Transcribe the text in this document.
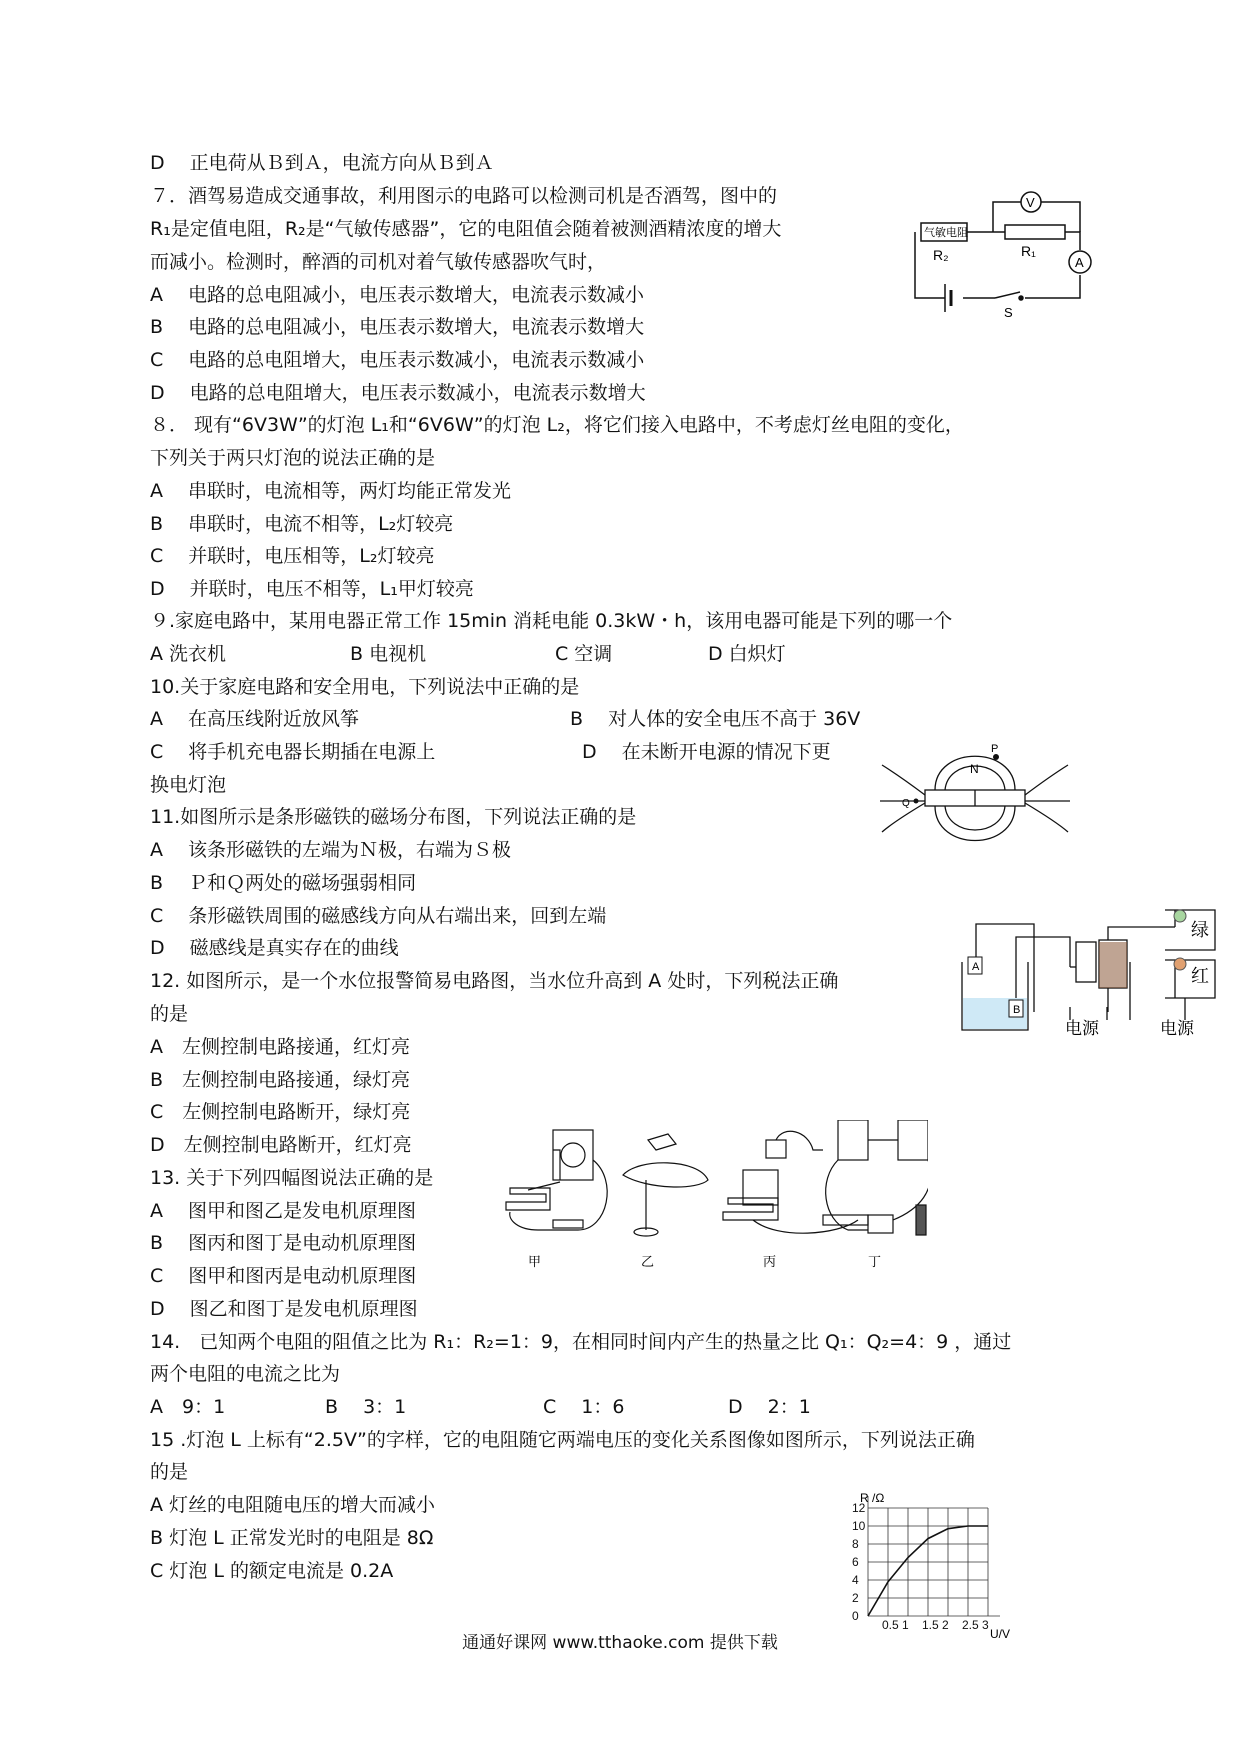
D　 正电荷从Ｂ到Ａ，电流方向从Ｂ到Ａ
７．酒驾易造成交通事故，利用图示的电路可以检测司机是否酒驾，图中的
R₁是定值电阻，R₂是“气敏传感器”，它的电阻值会随着被测酒精浓度的增大
而减小。检测时，醉酒的司机对着气敏传感器吹气时，
A　 电路的总电阻减小，电压表示数增大，电流表示数减小
B　 电路的总电阻减小，电压表示数增大，电流表示数增大
C　 电路的总电阻增大，电压表示数减小，电流表示数减小
D　 电路的总电阻增大，电压表示数减小，电流表示数增大
气敏电阻
R₂	R₁
V
A
S
８． 现有“6V3W”的灯泡 L₁和“6V6W”的灯泡 L₂，将它们接入电路中，不考虑灯丝电阻的变化，
下列关于两只灯泡的说法正确的是
A　 串联时，电流相等，两灯均能正常发光
B　 串联时，电流不相等，L₂灯较亮
C　 并联时，电压相等，L₂灯较亮
D　 并联时，电压不相等，L₁甲灯较亮
９.家庭电路中，某用电器正常工作 15min 消耗电能 0.3kW・h，该用电器可能是下列的哪一个
A 洗衣机	B 电视机	C 空调	D 白炽灯
10.关于家庭电路和安全用电，下列说法中正确的是
A　 在高压线附近放风筝	B　 对人体的安全电压不高于 36V
C　 将手机充电器长期插在电源上	D　 在未断开电源的情况下更
换电灯泡
P
N
Q
11.如图所示是条形磁铁的磁场分布图，下列说法正确的是
A　 该条形磁铁的左端为Ｎ极，右端为Ｓ极
B　 Ｐ和Ｑ两处的磁场强弱相同
C　 条形磁铁周围的磁感线方向从右端出来，回到左端
D　 磁感线是真实存在的曲线
A
B
绿
红
电源	电源
12. 如图所示，是一个水位报警简易电路图，当水位升高到 A 处时，下列税法正确
的是
A　左侧控制电路接通，红灯亮
B　左侧控制电路接通，绿灯亮
C　左侧控制电路断开，绿灯亮
D　左侧控制电路断开，红灯亮
13. 关于下列四幅图说法正确的是
A　 图甲和图乙是发电机原理图
B　 图丙和图丁是电动机原理图
C　 图甲和图丙是电动机原理图
D　 图乙和图丁是发电机原理图
甲	乙	丙	丁
14.　已知两个电阻的阻值之比为 R₁：R₂=1：9，在相同时间内产生的热量之比 Q₁：Q₂=4：9 ，通过
两个电阻的电流之比为
A　9：1	B　 3：1	C　 1：6	D　 2：1
15 .灯泡 L 上标有“2.5V”的字样，它的电阻随它两端电压的变化关系图像如图所示，下列说法正确
的是
A 灯丝的电阻随电压的增大而减小
B 灯泡 L 正常发光时的电阻是 8Ω
C 灯泡 L 的额定电流是 0.2A
0.5 1 1.5 2 2.5 3
0
2
4
6
8
10
12
R /Ω
U/V
通通好课网 www.tthaoke.com 提供下载
